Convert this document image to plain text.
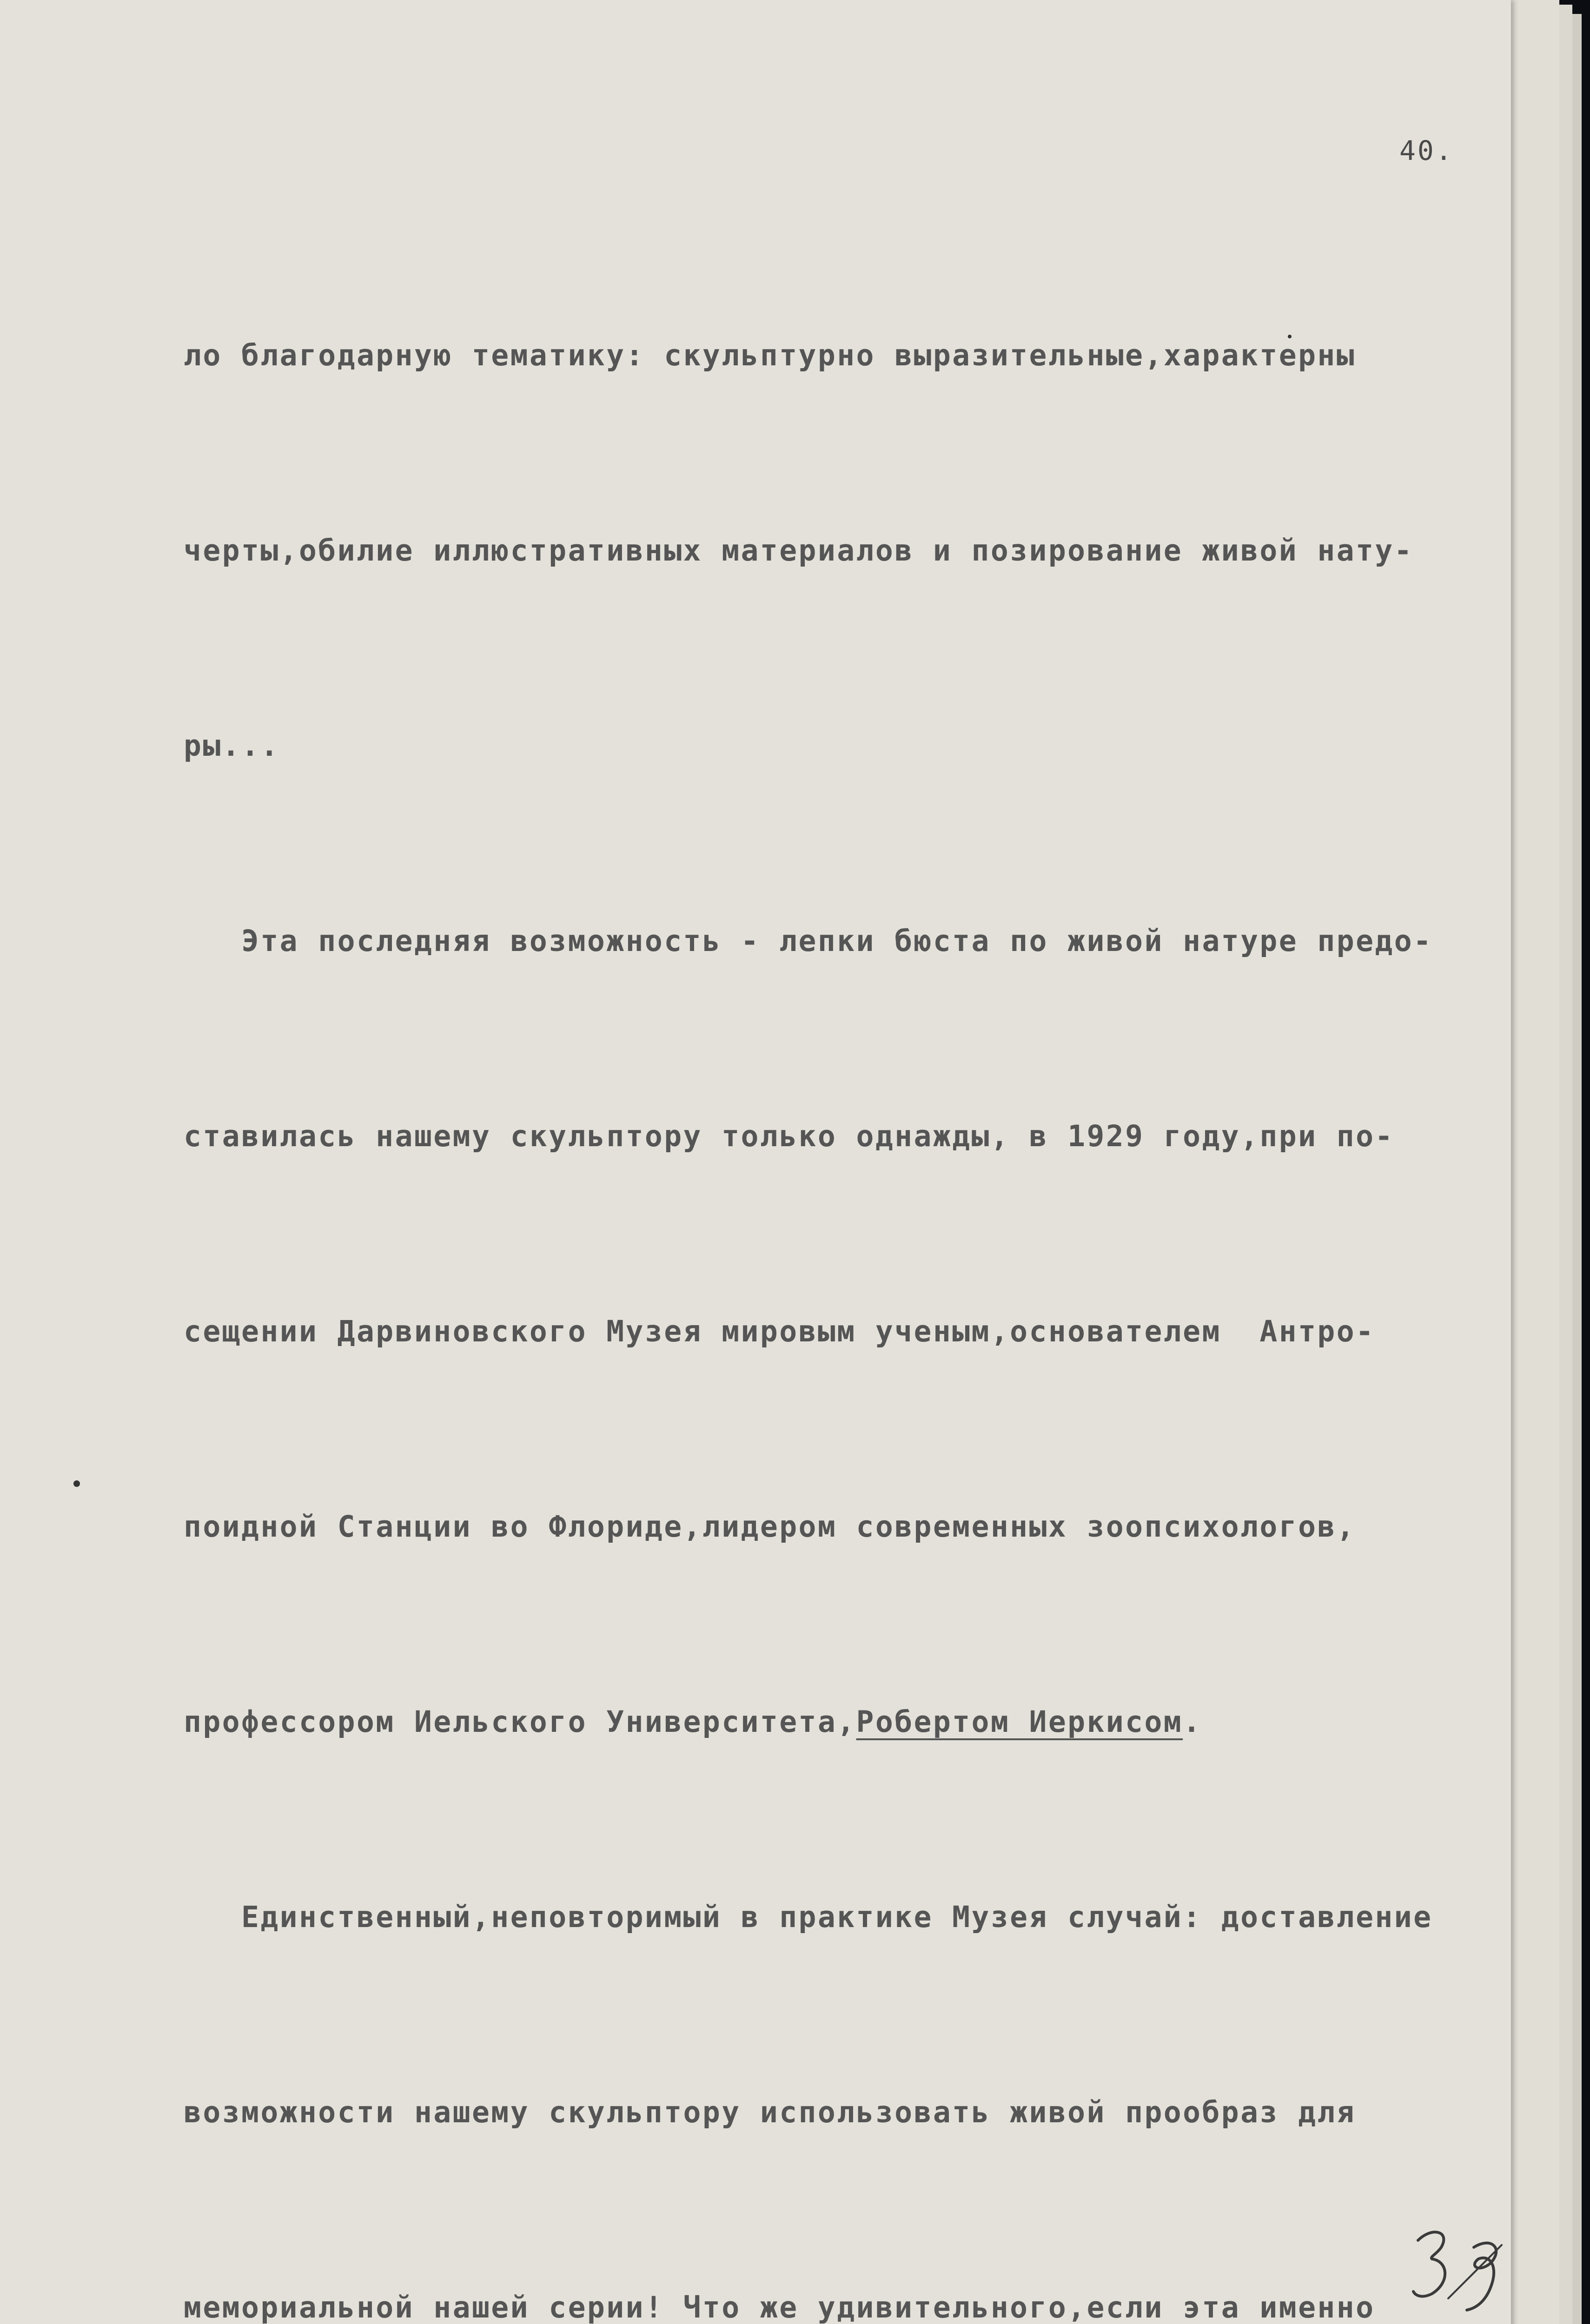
40.

ло благодарную тематику: скульптурно выразительные,характерны

черты,обилие иллюстративных материалов и позирование живой нату-

ры...

Эта последняя возможность - лепки бюста по живой натуре предо-

ставилась нашему скульптору только однажды, в 1929 году,при по-

сещении Дарвиновского Музея мировым ученым,основателем  Антро-

поидной Станции во Флориде,лидером современных зоопсихологов,

профессором Иельского Университета,Робертом Иеркисом.

Единственный,неповторимый в практике Музея случай: доставление

возможности нашему скульптору использовать живой прообраз для

мемориальной нашей серии! Что же удивительного,если эта именно
